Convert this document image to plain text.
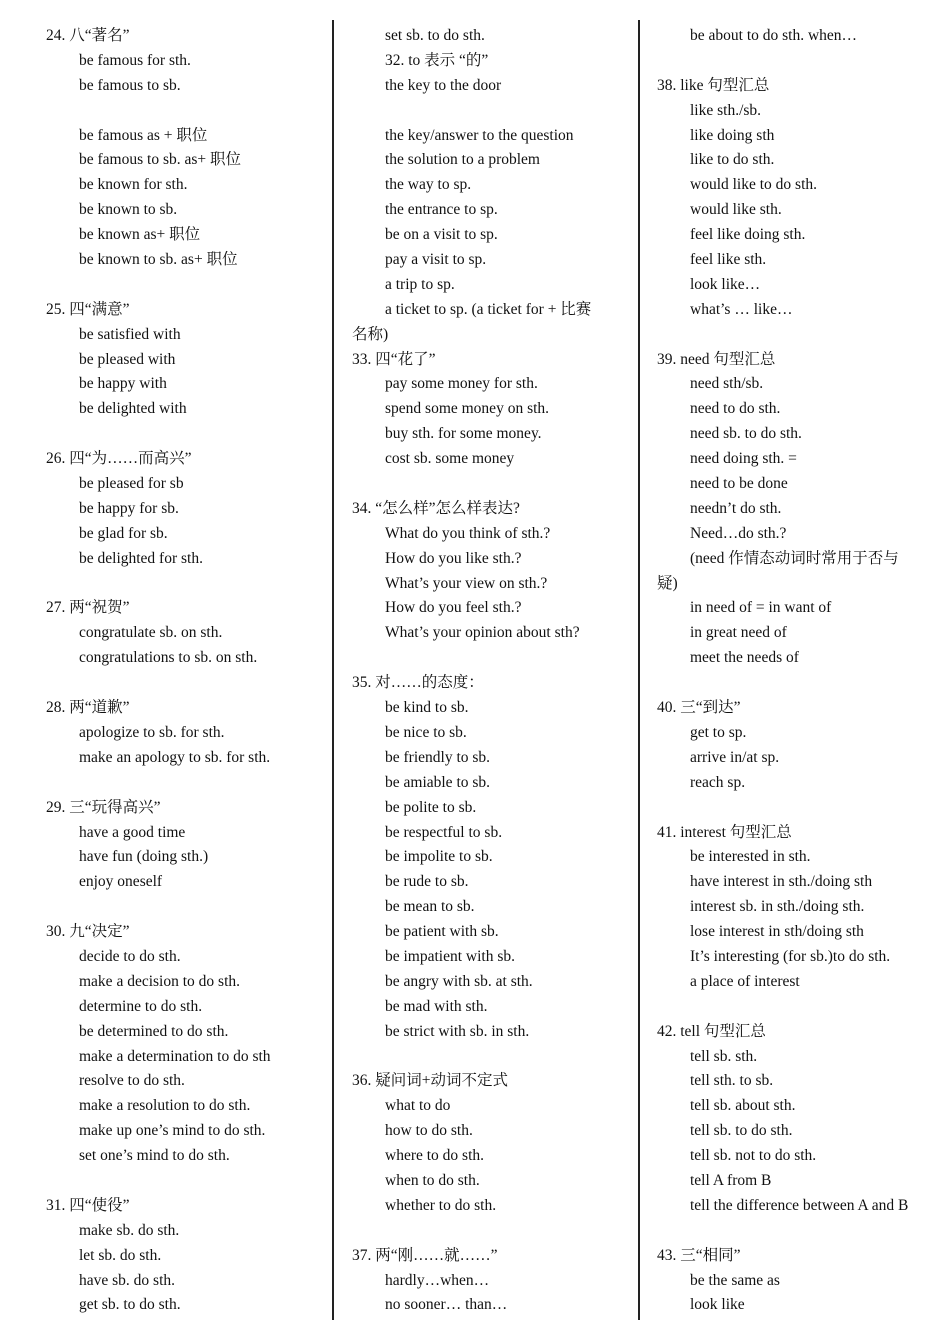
24. 八“著名”
be famous for sth.
be famous to sb.
be famous as + 职位
be famous to sb. as+ 职位
be known for sth.
be known to sb.
be known as+ 职位
be known to sb. as+ 职位
25. 四“满意”
be satisfied with
be pleased with
be happy with
be delighted with
26. 四“为……而高兴”
be pleased for sb
be happy for sb.
be glad for sb.
be delighted for sth.
27. 两“祝贺”
congratulate sb. on sth.
congratulations to sb. on sth.
28. 两“道歉”
apologize to sb. for sth.
make an apology to sb. for sth.
29. 三“玩得高兴”
have a good time
have fun (doing sth.)
enjoy oneself
30. 九“决定”
decide to do sth.
make a decision to do sth.
determine to do sth.
be determined to do sth.
make a determination to do sth
resolve to do sth.
make a resolution to do sth.
make up one’s mind to do sth.
set one’s mind to do sth.
31. 四“使役”
make sb. do sth.
let sb. do sth.
have sb. do sth.
get sb. to do sth.
set sb. to do sth.
32. to 表示 “的”
the key to the door
the key/answer to the question
the solution to a problem
the way to sp.
the entrance to sp.
be on a visit to sp.
pay a visit to sp.
a trip to sp.
a ticket to sp. (a ticket for + 比赛
名称)
33. 四“花了”
pay some money for sth.
spend some money on sth.
buy sth. for some money.
cost sb. some money
34. “怎么样”怎么样表达?
What do you think of sth.?
How do you like sth.?
What’s your view on sth.?
How do you feel sth.?
What’s your opinion about sth?
35. 对……的态度：
be kind to sb.
be nice to sb.
be friendly to sb.
be amiable to sb.
be polite to sb.
be respectful to sb.
be impolite to sb.
be rude to sb.
be mean to sb.
be patient with sb.
be impatient with sb.
be angry with sb. at sth.
be mad with sth.
be strict with sb. in sth.
36. 疑问词+动词不定式
what to do
how to do sth.
where to do sth.
when to do sth.
whether to do sth.
37. 两“刚……就……”
hardly…when…
no sooner… than…
be about to do sth. when…
38. like 句型汇总
like sth./sb.
like doing sth
like to do sth.
would like to do sth.
would like sth.
feel like doing sth.
feel like sth.
look like…
what’s … like…
39. need 句型汇总
need sth/sb.
need to do sth.
need sb. to do sth.
need doing sth. =
need to be done
needn’t do sth.
Need…do sth.?
(need 作情态动词时常用于否与
疑)
in need of = in want of
in great need of
meet the needs of
40. 三“到达”
get to sp.
arrive in/at sp.
reach sp.
41. interest 句型汇总
be interested in sth.
have interest in sth./doing sth
interest sb. in sth./doing sth.
lose interest in sth/doing sth
It’s interesting (for sb.)to do sth.
a place of interest
42. tell 句型汇总
tell sb. sth.
tell sth. to sb.
tell sb. about sth.
tell sb. to do sth.
tell sb. not to do sth.
tell A from B
tell the difference between A and B
43. 三“相同”
be the same as
look like
